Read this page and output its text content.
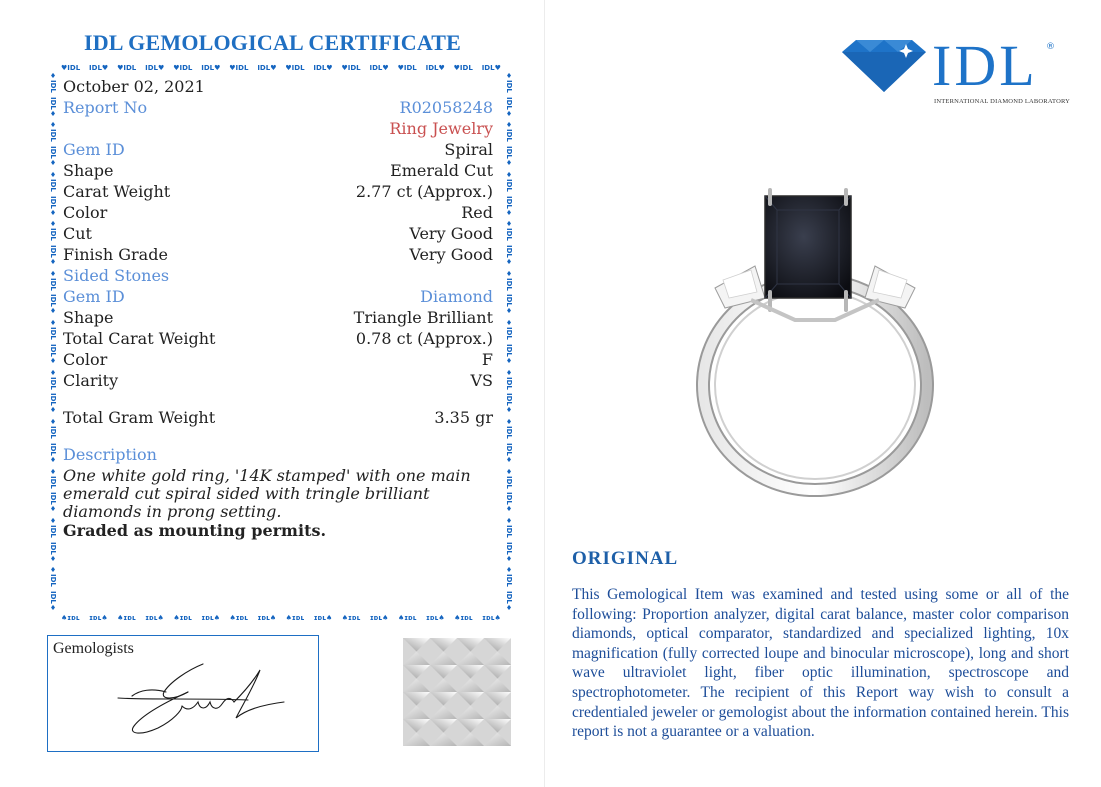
IDL GEMOLOGICAL CERTIFICATE
♥IDL IDL♥ ♥IDL IDL♥ ♥IDL IDL♥ ♥IDL IDL♥ ♥IDL IDL♥ ♥IDL IDL♥ ♥IDL IDL♥ ♥IDL IDL♥
♠ɪᴅʟ ɪᴅʟ♠ ♠ɪᴅʟ ɪᴅʟ♠ ♠ɪᴅʟ ɪᴅʟ♠ ♠ɪᴅʟ ɪᴅʟ♠ ♠ɪᴅʟ ɪᴅʟ♠ ♠ɪᴅʟ ɪᴅʟ♠ ♠ɪᴅʟ ɪᴅʟ♠ ♠ɪᴅʟ ɪᴅʟ♠
♦IDL
IDL♦
♦IDL
IDL♦
♦IDL
IDL♦
♦IDL
IDL♦
♦IDL
IDL♦
♦IDL
IDL♦
♦IDL
IDL♦
♦IDL
IDL♦
♦IDL
IDL♦
♦IDL
IDL♦
♦IDL
IDL♦
♦IDL
IDL♦
♦IDL
IDL♦
♦IDL
IDL♦
♦IDL
IDL♦
♦IDL
IDL♦
♦IDL
IDL♦
♦IDL
IDL♦
♦IDL
IDL♦
♦IDL
IDL♦
♦IDL
IDL♦
♦IDL
IDL♦
October 02, 2021
Report No	R02058248
Ring Jewelry
Gem ID	Spiral
Shape	Emerald Cut
Carat Weight	2.77 ct (Approx.)
Color	Red
Cut	Very Good
Finish Grade	Very Good
Sided Stones
Gem ID	Diamond
Shape	Triangle Brilliant
Total Carat Weight	0.78 ct (Approx.)
Color	F
Clarity	VS
Total Gram Weight	3.35 gr
Description
One white gold ring, '14K stamped' with one main emerald cut spiral sided with tringle brilliant diamonds in prong setting.
Graded as mounting permits.
Gemologists
IDL ®
INTERNATIONAL DIAMOND LABORATORY
ORIGINAL
This Gemological Item was examined and tested using some or all of the following: Proportion analyzer, digital carat balance, master color comparison diamonds, optical comparator, standardized and specialized lighting, 10x magnification (fully corrected loupe and binocular microscope), long and short wave ultraviolet light, fiber optic illumination, spectroscope and spectrophotometer. The recipient of this Report way wish to consult a credentialed jeweler or gemologist about the information contained herein. This report is not a guarantee or a valuation.
